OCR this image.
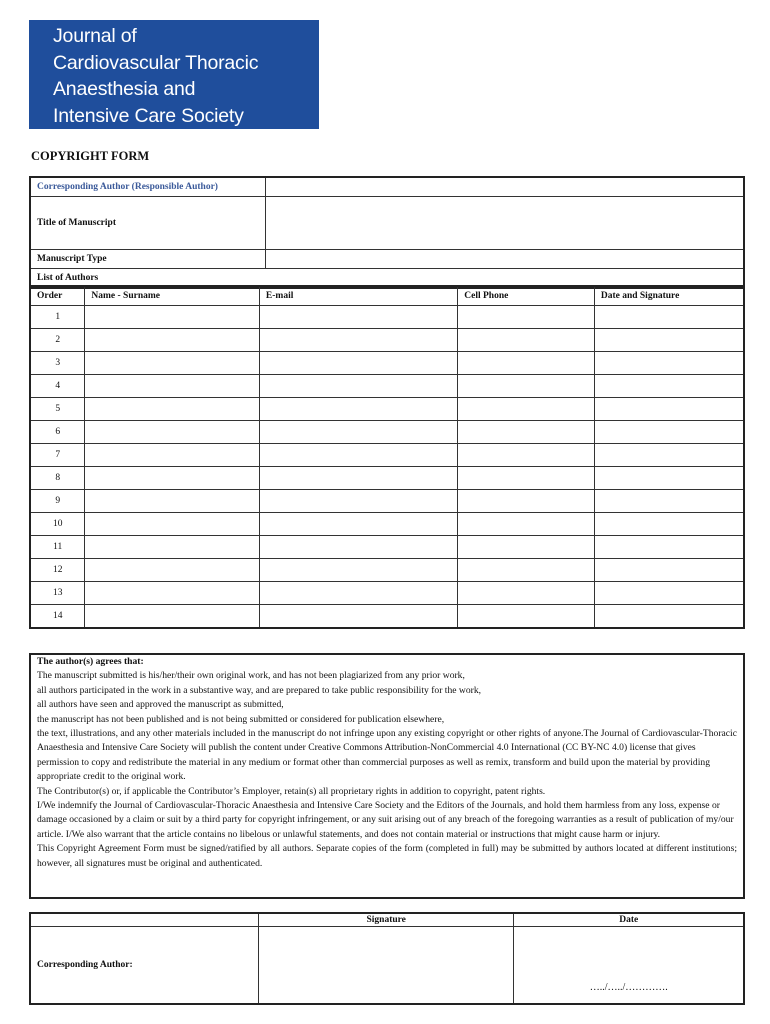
Journal of
Cardiovascular Thoracic
Anaesthesia and
Intensive Care Society
COPYRIGHT FORM
Corresponding Author (Responsible Author)	
Title of Manuscript	
Manuscript Type	
List of Authors	
Order	Name - Surname	E-mail	Cell Phone	Date and Signature
1				
2				
3				
4				
5				
6				
7				
8				
9				
10				
11				
12				
13				
14				
The author(s) agrees that:
The manuscript submitted is his/her/their own original work, and has not been plagiarized from any prior work,
all authors participated in the work in a substantive way, and are prepared to take public responsibility for the work,
all authors have seen and approved the manuscript as submitted,
the manuscript has not been published and is not being submitted or considered for publication elsewhere,
the text, illustrations, and any other materials included in the manuscript do not infringe upon any existing copyright or other rights of anyone.The Journal of Cardiovascular-Thoracic Anaesthesia and Intensive Care Society will publish the content under Creative Commons Attribution-NonCommercial 4.0 International (CC BY-NC 4.0) license that gives permission to copy and redistribute the material in any medium or format other than commercial purposes as well as remix, transform and build upon the material by providing appropriate credit to the original work.
The Contributor(s) or, if applicable the Contributor’s Employer, retain(s) all proprietary rights in addition to copyright, patent rights.
I/We indemnify the Journal of Cardiovascular-Thoracic Anaesthesia and Intensive Care Society and the Editors of the Journals, and hold them harmless from any loss, expense or damage occasioned by a claim or suit by a third party for copyright infringement, or any suit arising out of any breach of the foregoing warranties as a result of publication of my/our article. I/We also warrant that the article contains no libelous or unlawful statements, and does not contain material or instructions that might cause harm or injury.
This Copyright Agreement Form must be signed/ratified by all authors. Separate copies of the form (completed in full) may be submitted by authors located at different institutions; however, all signatures must be original and authenticated.
	Signature	Date
Corresponding Author:		…../…../………….
